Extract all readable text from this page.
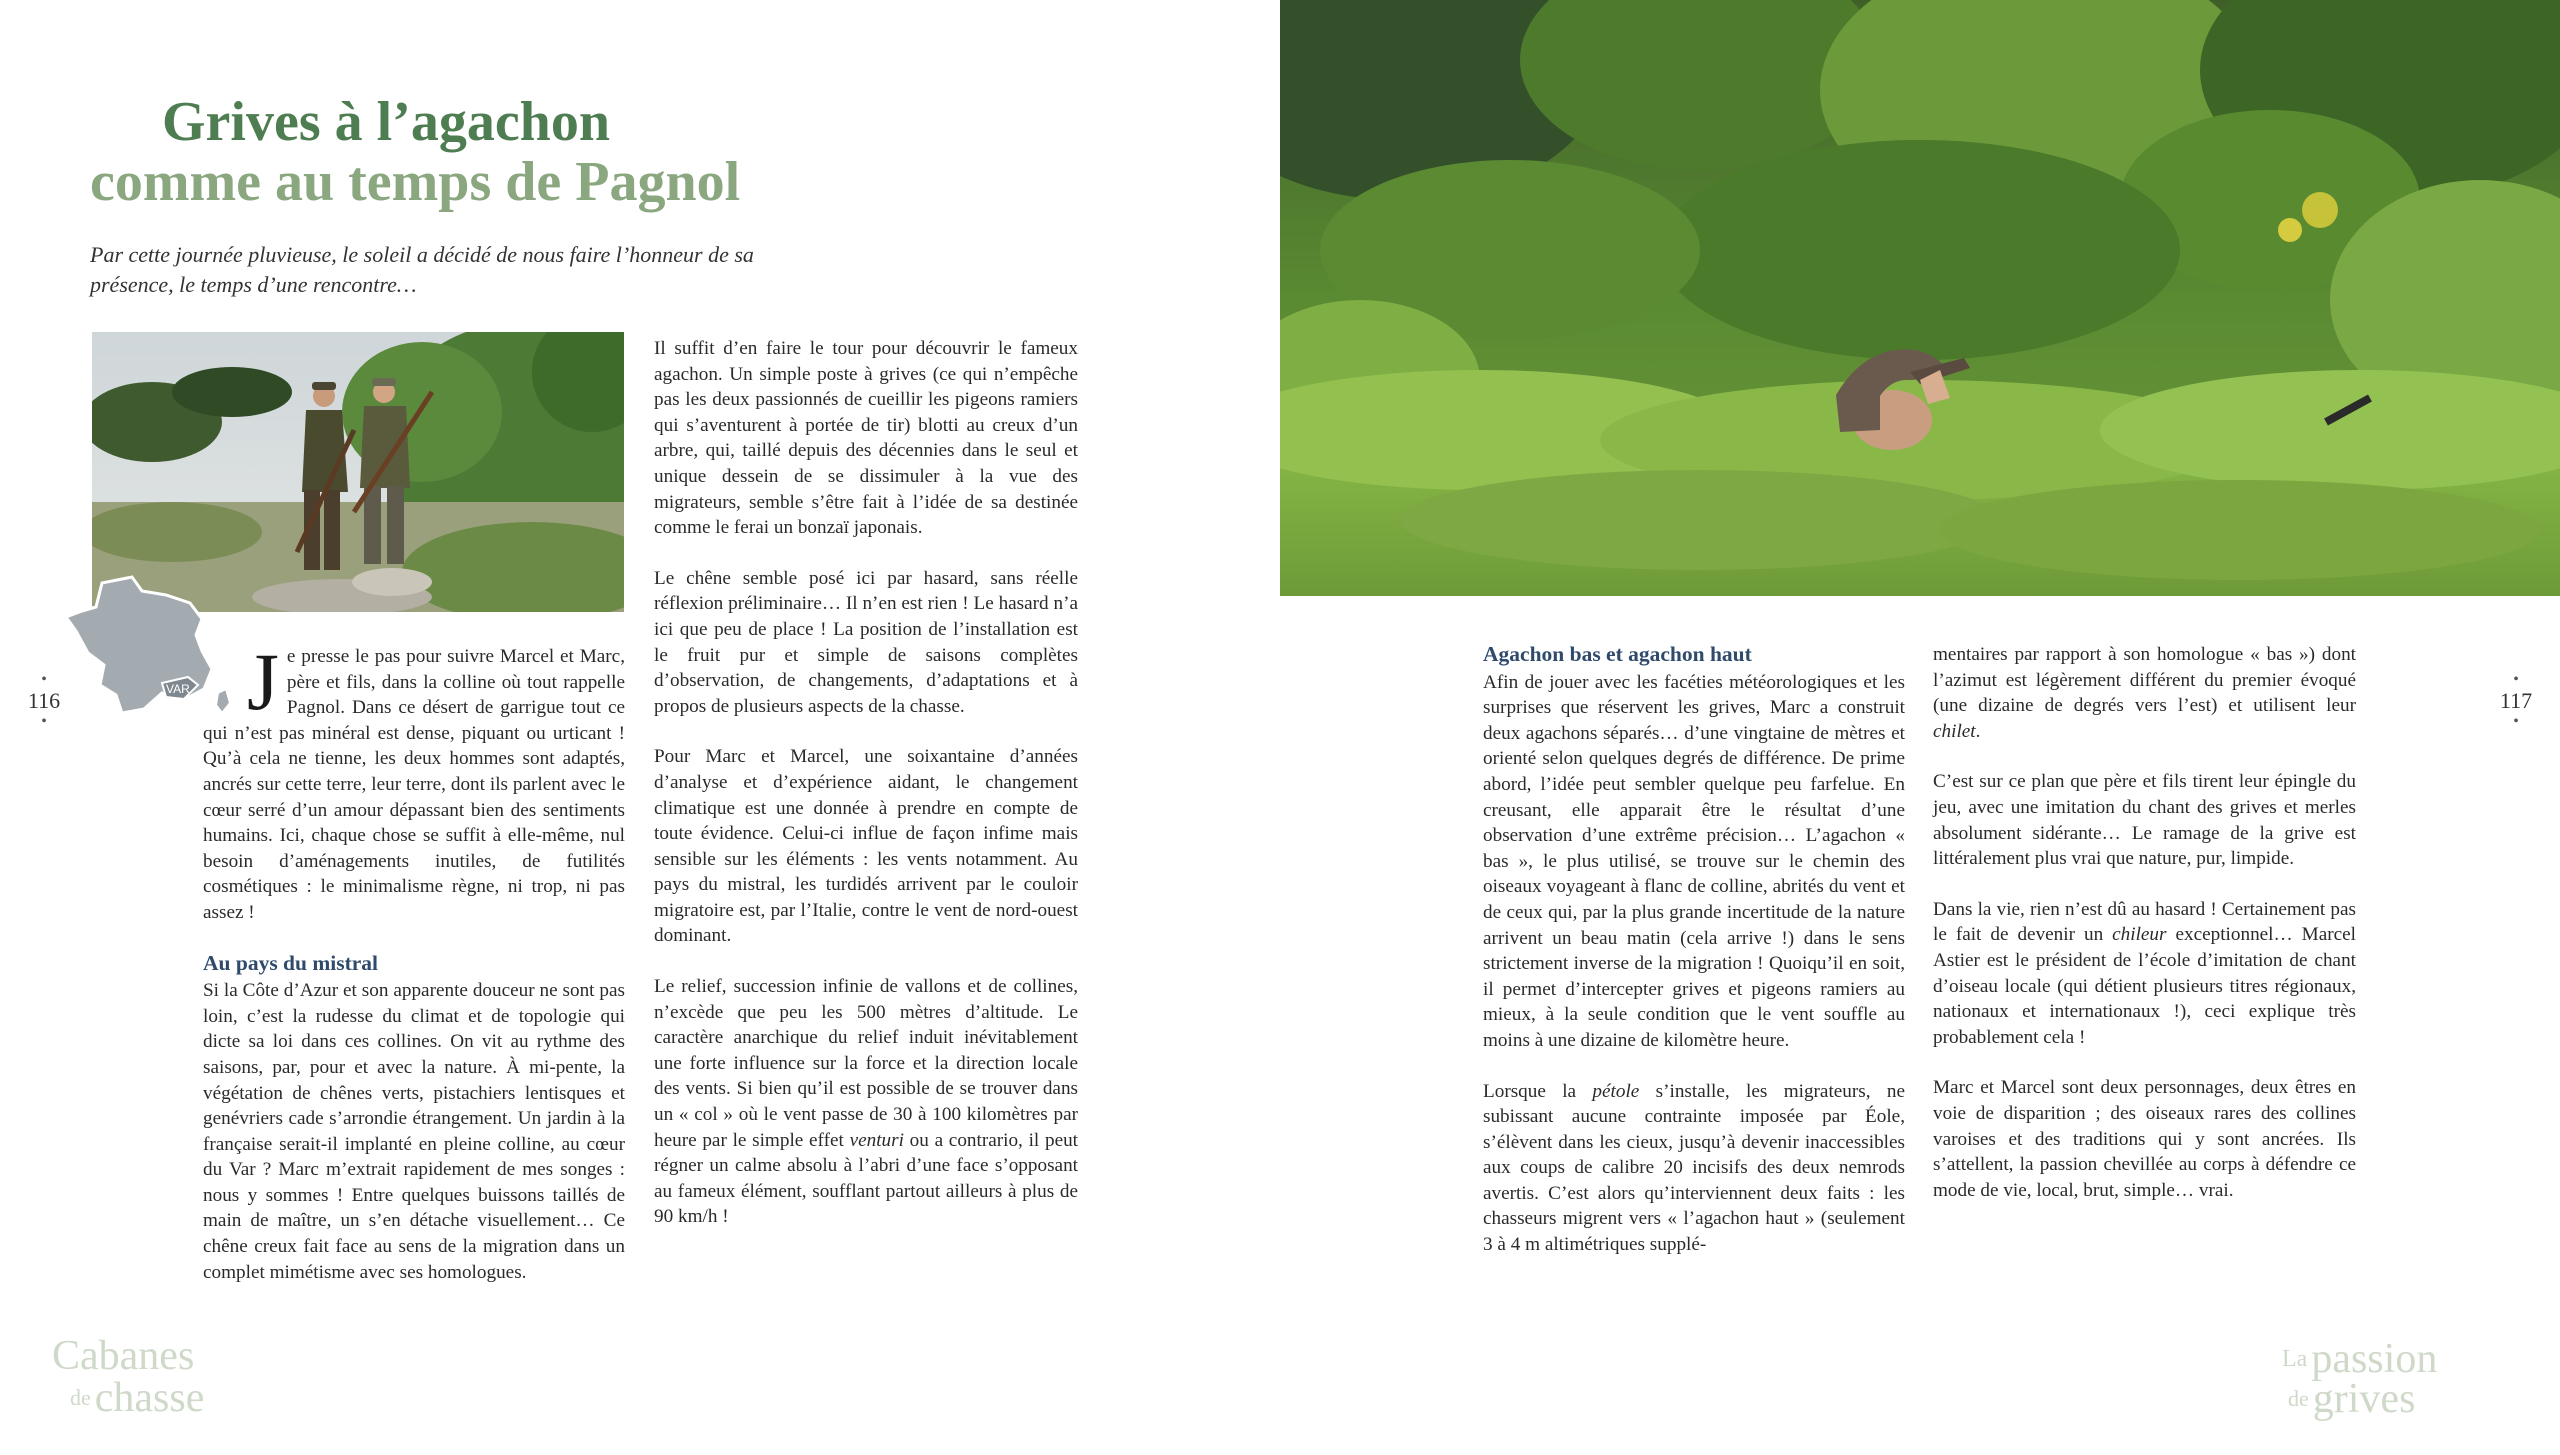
Grives à l’agachon
comme au temps de Pagnol

Par cette journée pluvieuse, le soleil a décidé de nous faire l’honneur de sa présence, le temps d’une rencontre…

VAR
•
116
• Je presse le pas pour suivre Marcel et Marc, père et fils, dans la colline où tout rappelle Pagnol. Dans ce désert de garrigue tout ce qui n’est pas minéral est dense, piquant ou urticant ! Qu’à cela ne tienne, les deux hommes sont adaptés, ancrés sur cette terre, leur terre, dont ils parlent avec le cœur serré d’un amour dépassant bien des sentiments humains. Ici, chaque chose se suffit à elle-même, nul besoin d’aménagements inutiles, de futilités cosmétiques : le minimalisme règne, ni trop, ni pas assez !

Au pays du mistral

Si la Côte d’Azur et son apparente douceur ne sont pas loin, c’est la rudesse du climat et de topologie qui dicte sa loi dans ces collines. On vit au rythme des saisons, par, pour et avec la nature. À mi-pente, la végétation de chênes verts, pistachiers lentisques et genévriers cade s’arrondie étrangement. Un jardin à la française serait-il implanté en pleine colline, au cœur du Var ? Marc m’extrait rapidement de mes songes : nous y sommes ! Entre quelques buissons taillés de main de maître, un s’en détache visuellement… Ce chêne creux fait face au sens de la migration dans un complet mimétisme avec ses homologues.

Il suffit d’en faire le tour pour découvrir le fameux agachon. Un simple poste à grives (ce qui n’empêche pas les deux passionnés de cueillir les pigeons ramiers qui s’aventurent à portée de tir) blotti au creux d’un arbre, qui, taillé depuis des décennies dans le seul et unique dessein de se dissimuler à la vue des migrateurs, semble s’être fait à l’idée de sa destinée comme le ferai un bonzaï japonais.

Le chêne semble posé ici par hasard, sans réelle réflexion préliminaire… Il n’en est rien ! Le hasard n’a ici que peu de place ! La position de l’installation est le fruit pur et simple de saisons complètes d’observation, de changements, d’adaptations et à propos de plusieurs aspects de la chasse.

Pour Marc et Marcel, une soixantaine d’années d’analyse et d’expérience aidant, le changement climatique est une donnée à prendre en compte de toute évidence. Celui-ci influe de façon infime mais sensible sur les éléments : les vents notamment. Au pays du mistral, les turdidés arrivent par le couloir migratoire est, par l’Italie, contre le vent de nord-ouest dominant.

Le relief, succession infinie de vallons et de collines, n’excède que peu les 500 mètres d’altitude. Le caractère anarchique du relief induit inévitablement une forte influence sur la force et la direction locale des vents. Si bien qu’il est possible de se trouver dans un « col » où le vent passe de 30 à 100 kilomètres par heure par le simple effet venturi ou a contrario, il peut régner un calme absolu à l’abri d’une face s’opposant au fameux élément, soufflant partout ailleurs à plus de 90 km/h !

Cabanes
de chasse
Agachon bas et agachon haut

Afin de jouer avec les facéties météorologiques et les surprises que réservent les grives, Marc a construit deux agachons séparés… d’une vingtaine de mètres et orienté selon quelques degrés de différence. De prime abord, l’idée peut sembler quelque peu farfelue. En creusant, elle apparait être le résultat d’une observation d’une extrême précision… L’agachon « bas », le plus utilisé, se trouve sur le chemin des oiseaux voyageant à flanc de colline, abrités du vent et de ceux qui, par la plus grande incertitude de la nature arrivent un beau matin (cela arrive !) dans le sens strictement inverse de la migration ! Quoiqu’il en soit, il permet d’intercepter grives et pigeons ramiers au mieux, à la seule condition que le vent souffle au moins à une dizaine de kilomètre heure.

Lorsque la pétole s’installe, les migrateurs, ne subissant aucune contrainte imposée par Éole, s’élèvent dans les cieux, jusqu’à devenir inaccessibles aux coups de calibre 20 incisifs des deux nemrods avertis. C’est alors qu’interviennent deux faits : les chasseurs migrent vers « l’agachon haut » (seulement 3 à 4 m altimétriques supplé-

mentaires par rapport à son homologue « bas ») dont l’azimut est légèrement différent du premier évoqué (une dizaine de degrés vers l’est) et utilisent leur chilet.

C’est sur ce plan que père et fils tirent leur épingle du jeu, avec une imitation du chant des grives et merles absolument sidérante… Le ramage de la grive est littéralement plus vrai que nature, pur, limpide.

Dans la vie, rien n’est dû au hasard ! Certainement pas le fait de devenir un chileur exceptionnel… Marcel Astier est le président de l’école d’imitation de chant d’oiseau locale (qui détient plusieurs titres régionaux, nationaux et internationaux !), ceci explique très probablement cela !

Marc et Marcel sont deux personnages, deux êtres en voie de disparition ; des oiseaux rares des collines varoises et des traditions qui y sont ancrées. Ils s’attellent, la passion chevillée au corps à défendre ce mode de vie, local, brut, simple… vrai.

•
117
•
La passion
de grives
